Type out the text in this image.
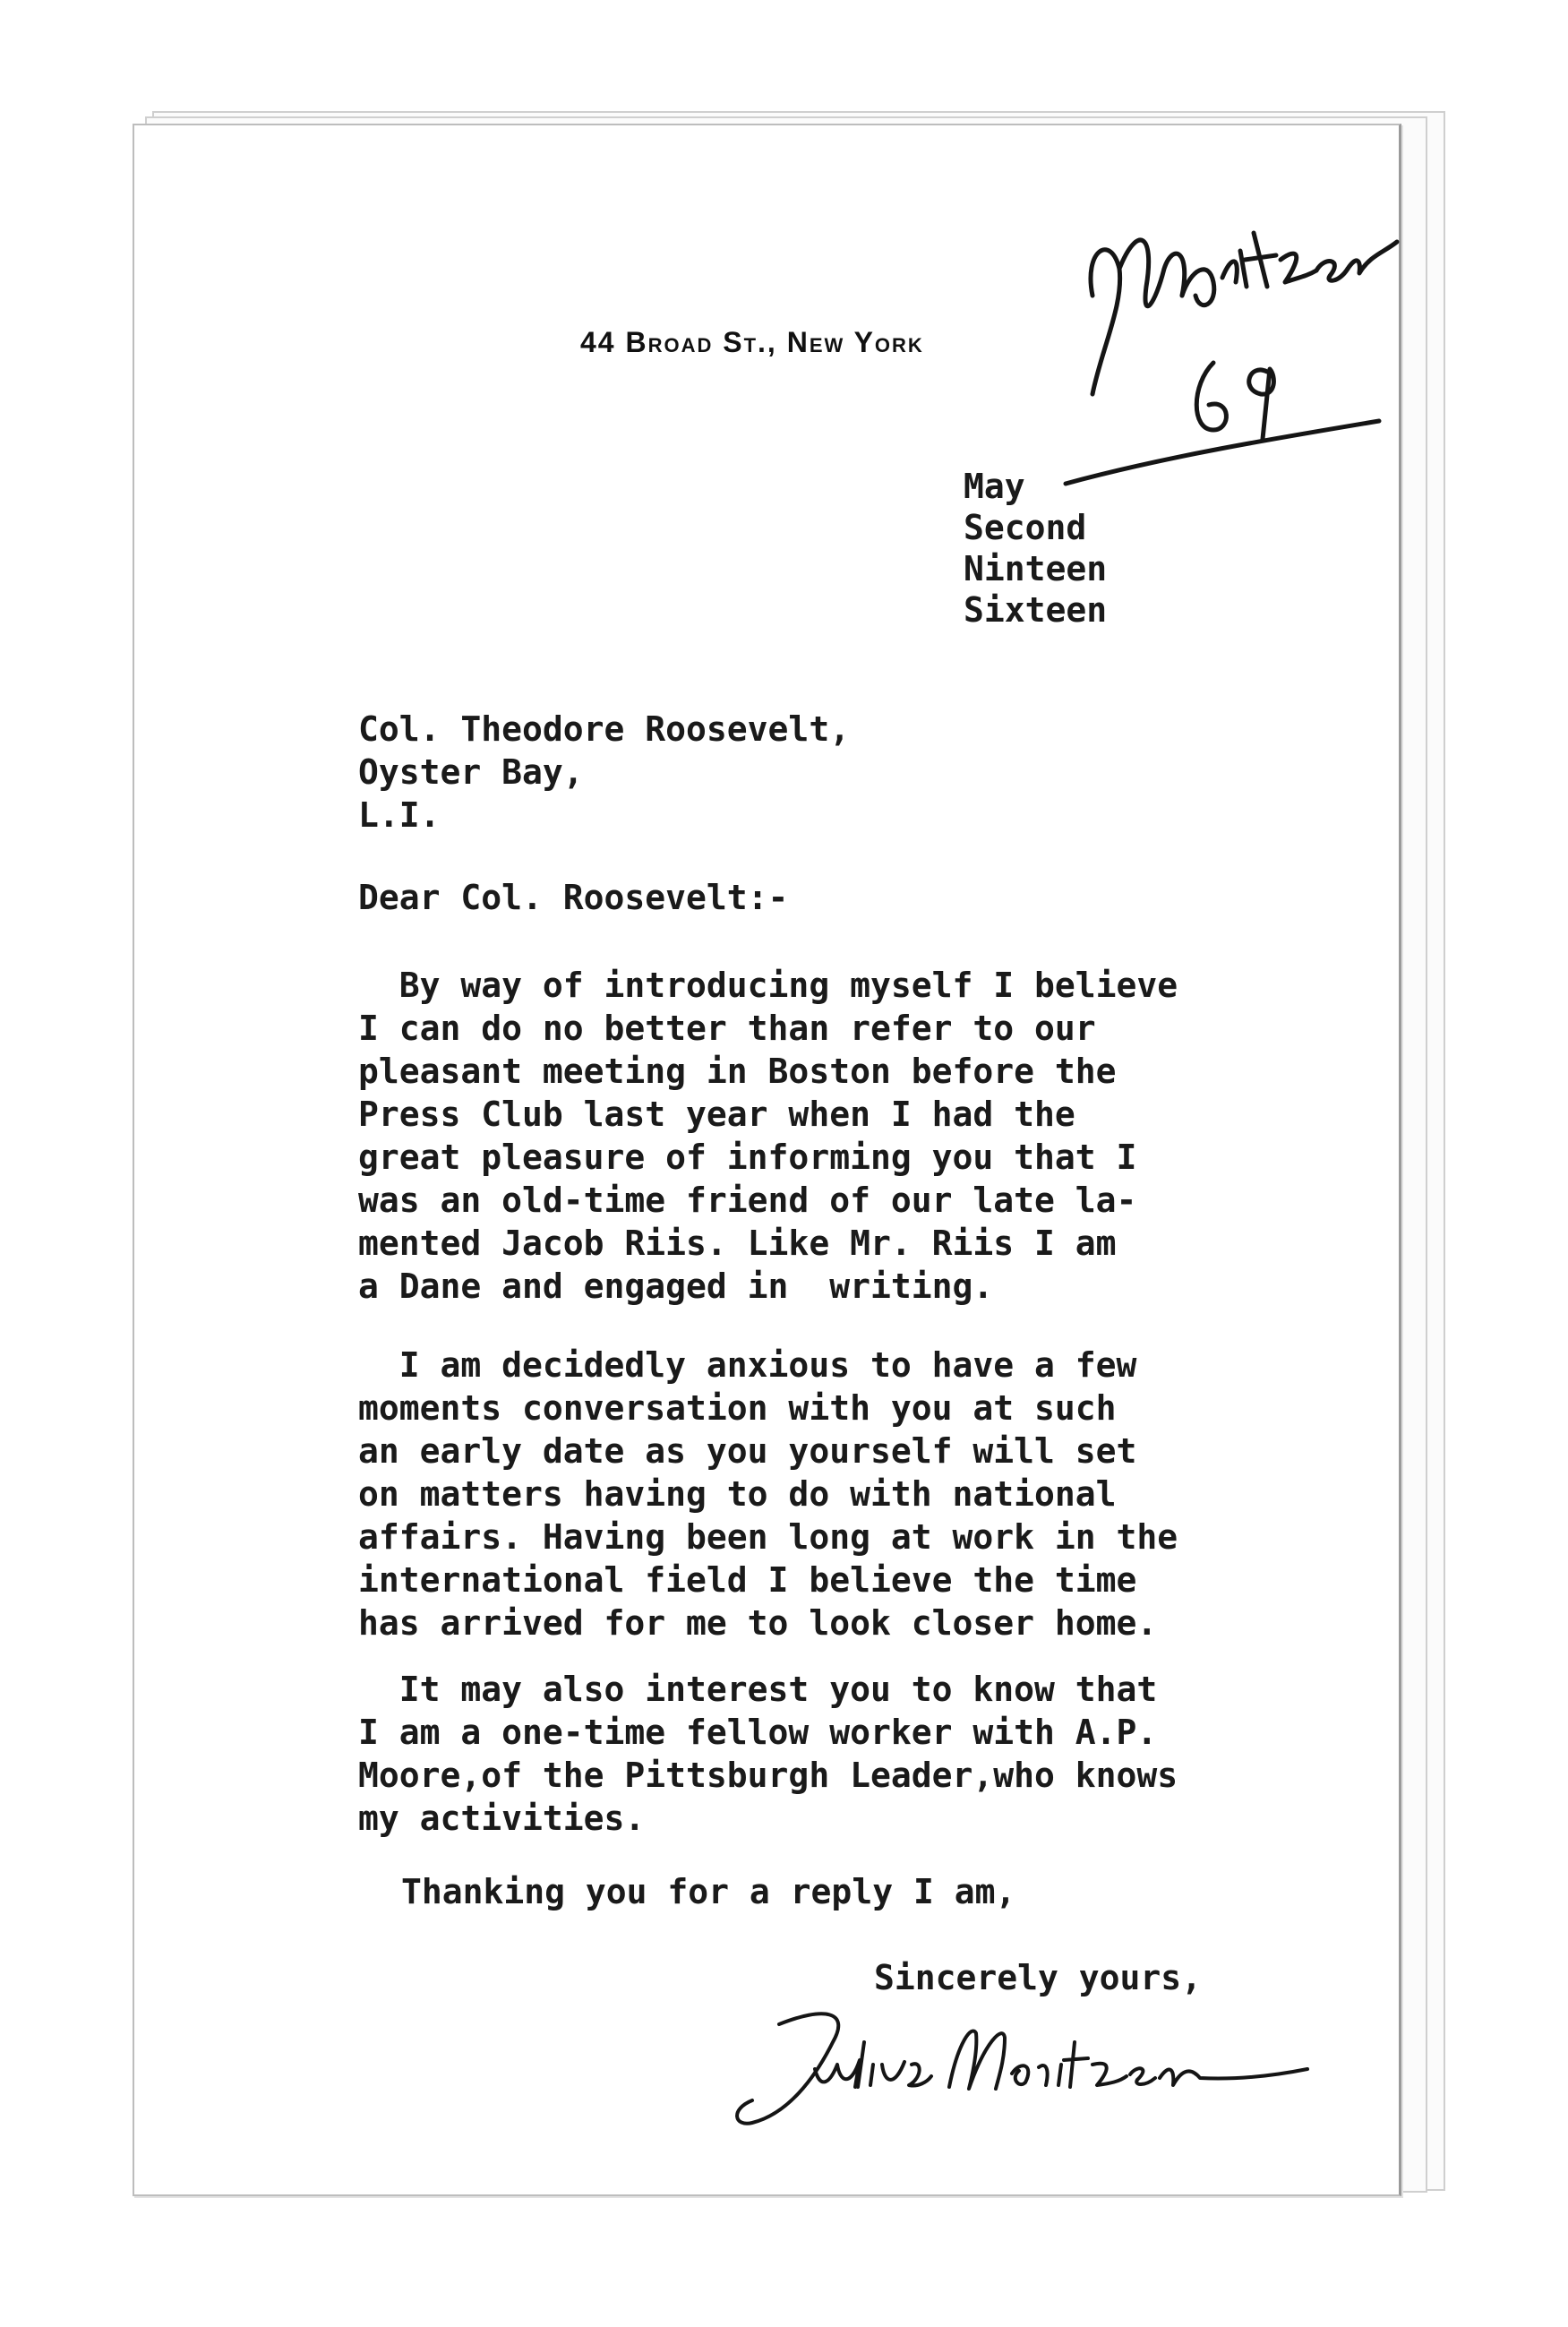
44 Broad St., New York
May
Second
Ninteen
Sixteen
Col. Theodore Roosevelt,
Oyster Bay,
L.I.
Dear Col. Roosevelt:-
By way of introducing myself I believe
I can do no better than refer to our
pleasant meeting in Boston before the
Press Club last year when I had the
great pleasure of informing you that I
was an old-time friend of our late la-
mented Jacob Riis. Like Mr. Riis I am
a Dane and engaged in  writing.
I am decidedly anxious to have a few
moments conversation with you at such
an early date as you yourself will set
on matters having to do with national
affairs. Having been long at work in the
international field I believe the time
has arrived for me to look closer home.
It may also interest you to know that
I am a one-time fellow worker with A.P.
Moore,of the Pittsburgh Leader,who knows
my activities.
Thanking you for a reply I am,
Sincerely yours,
